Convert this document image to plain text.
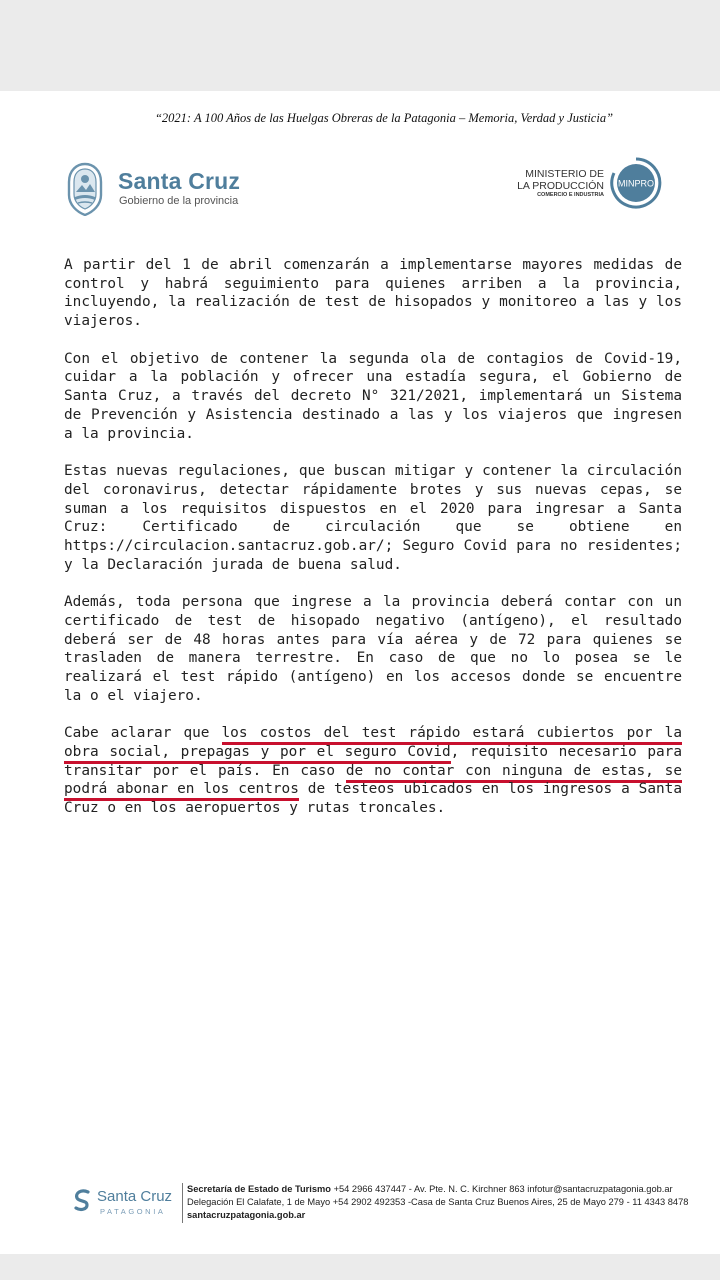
“2021: A 100 Años de las Huelgas Obreras de la Patagonia – Memoria, Verdad y Justicia”
Santa Cruz
Gobierno de la provincia
MINISTERIO DE
LA PRODUCCIÓN
COMERCIO E INDUSTRIA
MINPRO

A partir del 1 de abril comenzarán a implementarse mayores medidas de control y habrá seguimiento para quienes arriben a la provincia, incluyendo, la realización de test de hisopados y monitoreo a las y los viajeros.

Con el objetivo de contener la segunda ola de contagios de Covid-19, cuidar a la población y ofrecer una estadía segura, el Gobierno de Santa Cruz, a través del decreto N° 321/2021, implementará un Sistema de Prevención y Asistencia destinado a las y los viajeros que ingresen a la provincia.

Estas nuevas regulaciones, que buscan mitigar y contener la circulación del coronavirus, detectar rápidamente brotes y sus nuevas cepas, se suman a los requisitos dispuestos en el 2020 para ingresar a Santa Cruz: Certificado de circulación que se obtiene en https://circulacion.santacruz.gob.ar/; Seguro Covid para no residentes; y la Declaración jurada de buena salud.

Además, toda persona que ingrese a la provincia deberá contar con un certificado de test de hisopado negativo (antígeno), el resultado deberá ser de 48 horas antes para vía aérea y de 72 para quienes se trasladen de manera terrestre. En caso de que no lo posea se le realizará el test rápido (antígeno) en los accesos donde se encuentre la o el viajero.

Cabe aclarar que los costos del test rápido estará cubiertos por la obra social, prepagas y por el seguro Covid, requisito necesario para transitar por el país. En caso de no contar con ninguna de estas, se podrá abonar en los centros de testeos ubicados en los ingresos a Santa Cruz o en los aeropuertos y rutas troncales.

Santa Cruz
PATAGONIA
Secretaría de Estado de Turismo +54 2966 437447 - Av. Pte. N. C. Kirchner 863 infotur@santacruzpatagonia.gob.ar
Delegación El Calafate, 1 de Mayo +54 2902 492353 -Casa de Santa Cruz Buenos Aires, 25 de Mayo 279 - 11 4343 8478
santacruzpatagonia.gob.ar
